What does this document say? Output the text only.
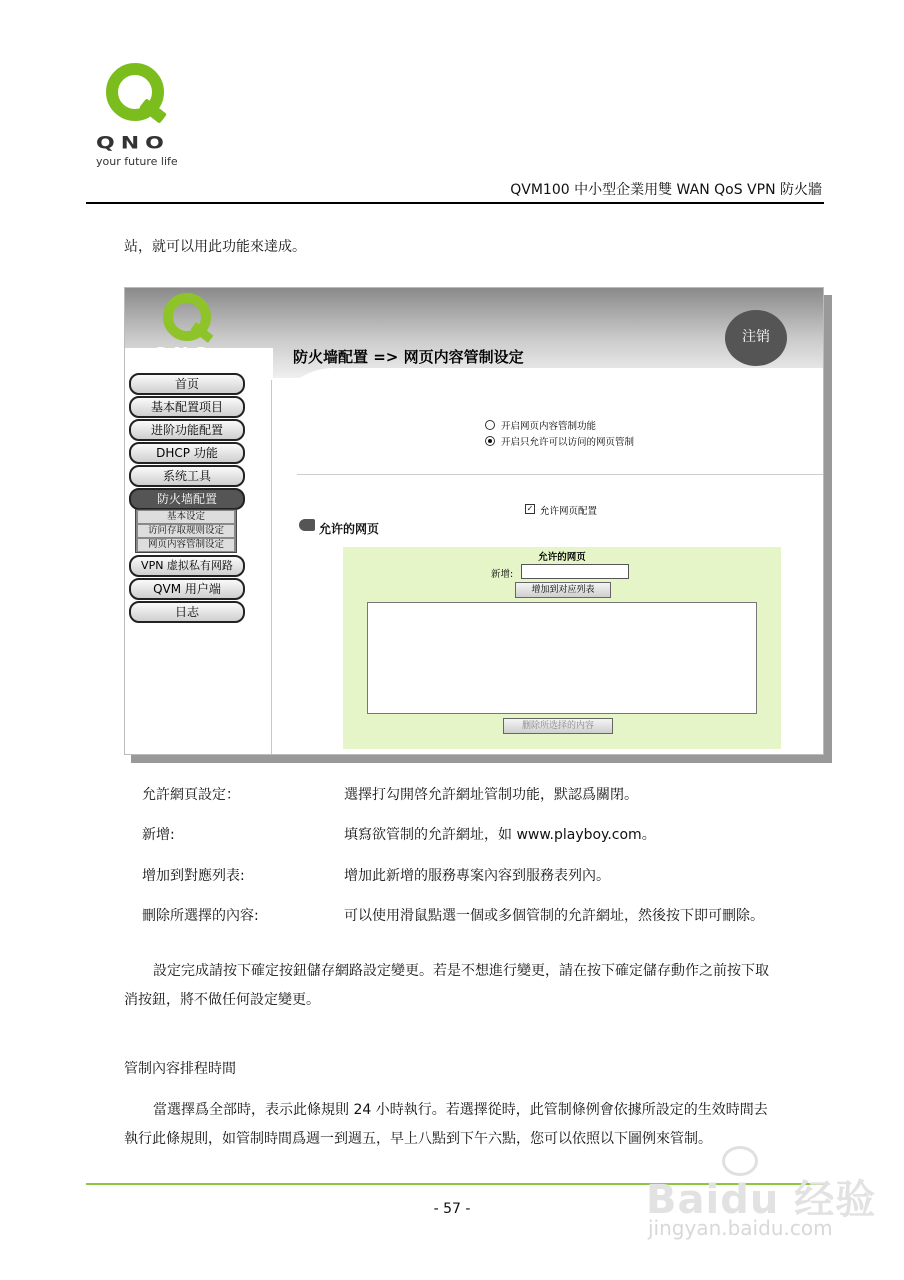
QNO
your future life
QVM100 中小型企業用雙 WAN QoS VPN 防火牆
站，就可以用此功能來達成。
QNO
注销
防火墙配置 => 网页内容管制设定
首页
基本配置项目
进阶功能配置
DHCP 功能
系统工具
防火墙配置
基本设定
访问存取规则设定
网页内容管制设定
VPN 虚拟私有网路
QVM 用户端
日志
开启网页内容管制功能
开启只允许可以访问的网页管制
✓ 允许网页配置
允许的网页
允许的网页
新增:
增加到对应列表
删除所选择的内容
允許網頁設定：	選擇打勾開啓允許網址管制功能，默認爲關閉。
新增:	填寫欲管制的允許網址，如 www.playboy.com。
增加到對應列表:	增加此新增的服務專案內容到服務表列內。
刪除所選擇的內容:	可以使用滑鼠點選一個或多個管制的允許網址，然後按下即可刪除。
設定完成請按下確定按鈕儲存網路設定變更。若是不想進行變更，請在按下確定儲存動作之前按下取
消按鈕，將不做任何設定變更。
管制內容排程時間
當選擇爲全部時，表示此條規則 24 小時執行。若選擇從時，此管制條例會依據所設定的生效時間去
執行此條規則，如管制時間爲週一到週五，早上八點到下午六點，您可以依照以下圖例來管制。
- 57 -	Baidu 经验
jingyan.baidu.com
